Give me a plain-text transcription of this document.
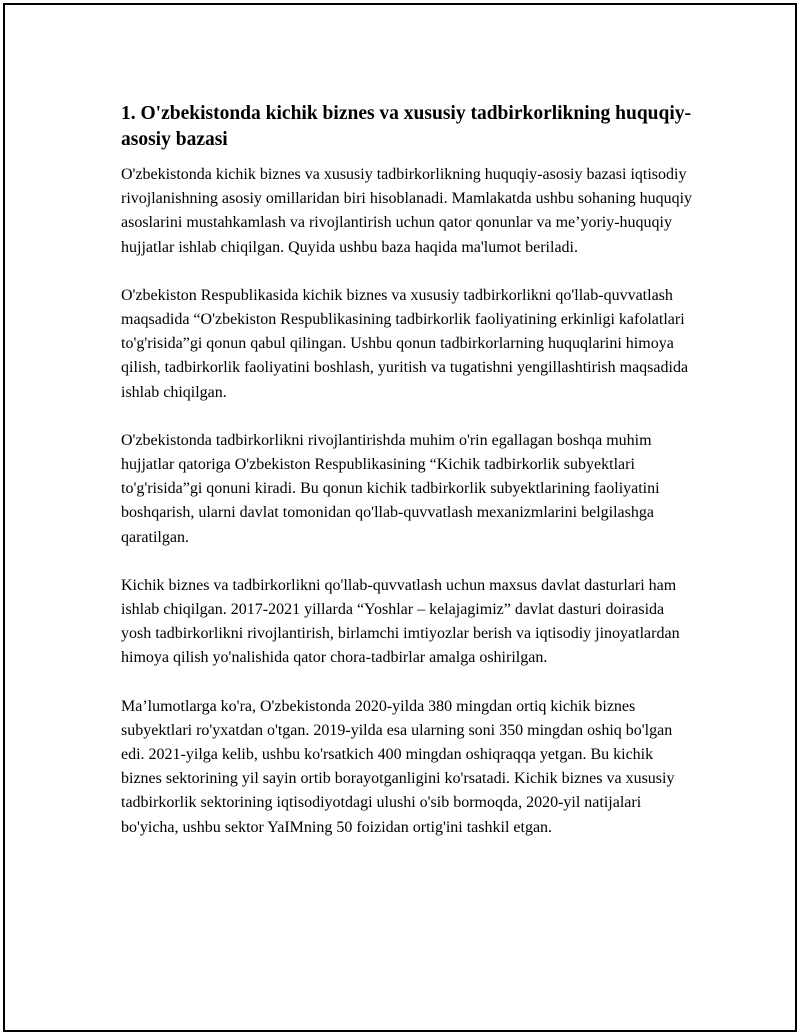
1. O'zbekistonda kichik biznes va xususiy tadbirkorlikning huquqiy-asosiy bazasi

O'zbekistonda kichik biznes va xususiy tadbirkorlikning huquqiy-asosiy bazasi iqtisodiy rivojlanishning asosiy omillaridan biri hisoblanadi. Mamlakatda ushbu sohaning huquqiy asoslarini mustahkamlash va rivojlantirish uchun qator qonunlar va me’yoriy-huquqiy hujjatlar ishlab chiqilgan. Quyida ushbu baza haqida ma'lumot beriladi.

O'zbekiston Respublikasida kichik biznes va xususiy tadbirkorlikni qo'llab-quvvatlash maqsadida “O'zbekiston Respublikasining tadbirkorlik faoliyatining erkinligi kafolatlari to'g'risida”gi qonun qabul qilingan. Ushbu qonun tadbirkorlarning huquqlarini himoya qilish, tadbirkorlik faoliyatini boshlash, yuritish va tugatishni yengillashtirish maqsadida ishlab chiqilgan.

O'zbekistonda tadbirkorlikni rivojlantirishda muhim o'rin egallagan boshqa muhim hujjatlar qatoriga O'zbekiston Respublikasining “Kichik tadbirkorlik subyektlari to'g'risida”gi qonuni kiradi. Bu qonun kichik tadbirkorlik subyektlarining faoliyatini boshqarish, ularni davlat tomonidan qo'llab-quvvatlash mexanizmlarini belgilashga qaratilgan.

Kichik biznes va tadbirkorlikni qo'llab-quvvatlash uchun maxsus davlat dasturlari ham ishlab chiqilgan. 2017-2021 yillarda “Yoshlar – kelajagimiz” davlat dasturi doirasida yosh tadbirkorlikni rivojlantirish, birlamchi imtiyozlar berish va iqtisodiy jinoyatlardan himoya qilish yo'nalishida qator chora-tadbirlar amalga oshirilgan.

Ma’lumotlarga ko'ra, O'zbekistonda 2020-yilda 380 mingdan ortiq kichik biznes subyektlari ro'yxatdan o'tgan. 2019-yilda esa ularning soni 350 mingdan oshiq bo'lgan edi. 2021-yilga kelib, ushbu ko'rsatkich 400 mingdan oshiqraqqa yetgan. Bu kichik biznes sektorining yil sayin ortib borayotganligini ko'rsatadi. Kichik biznes va xususiy tadbirkorlik sektorining iqtisodiyotdagi ulushi o'sib bormoqda, 2020-yil natijalari bo'yicha, ushbu sektor YaIMning 50 foizidan ortig'ini tashkil etgan.
